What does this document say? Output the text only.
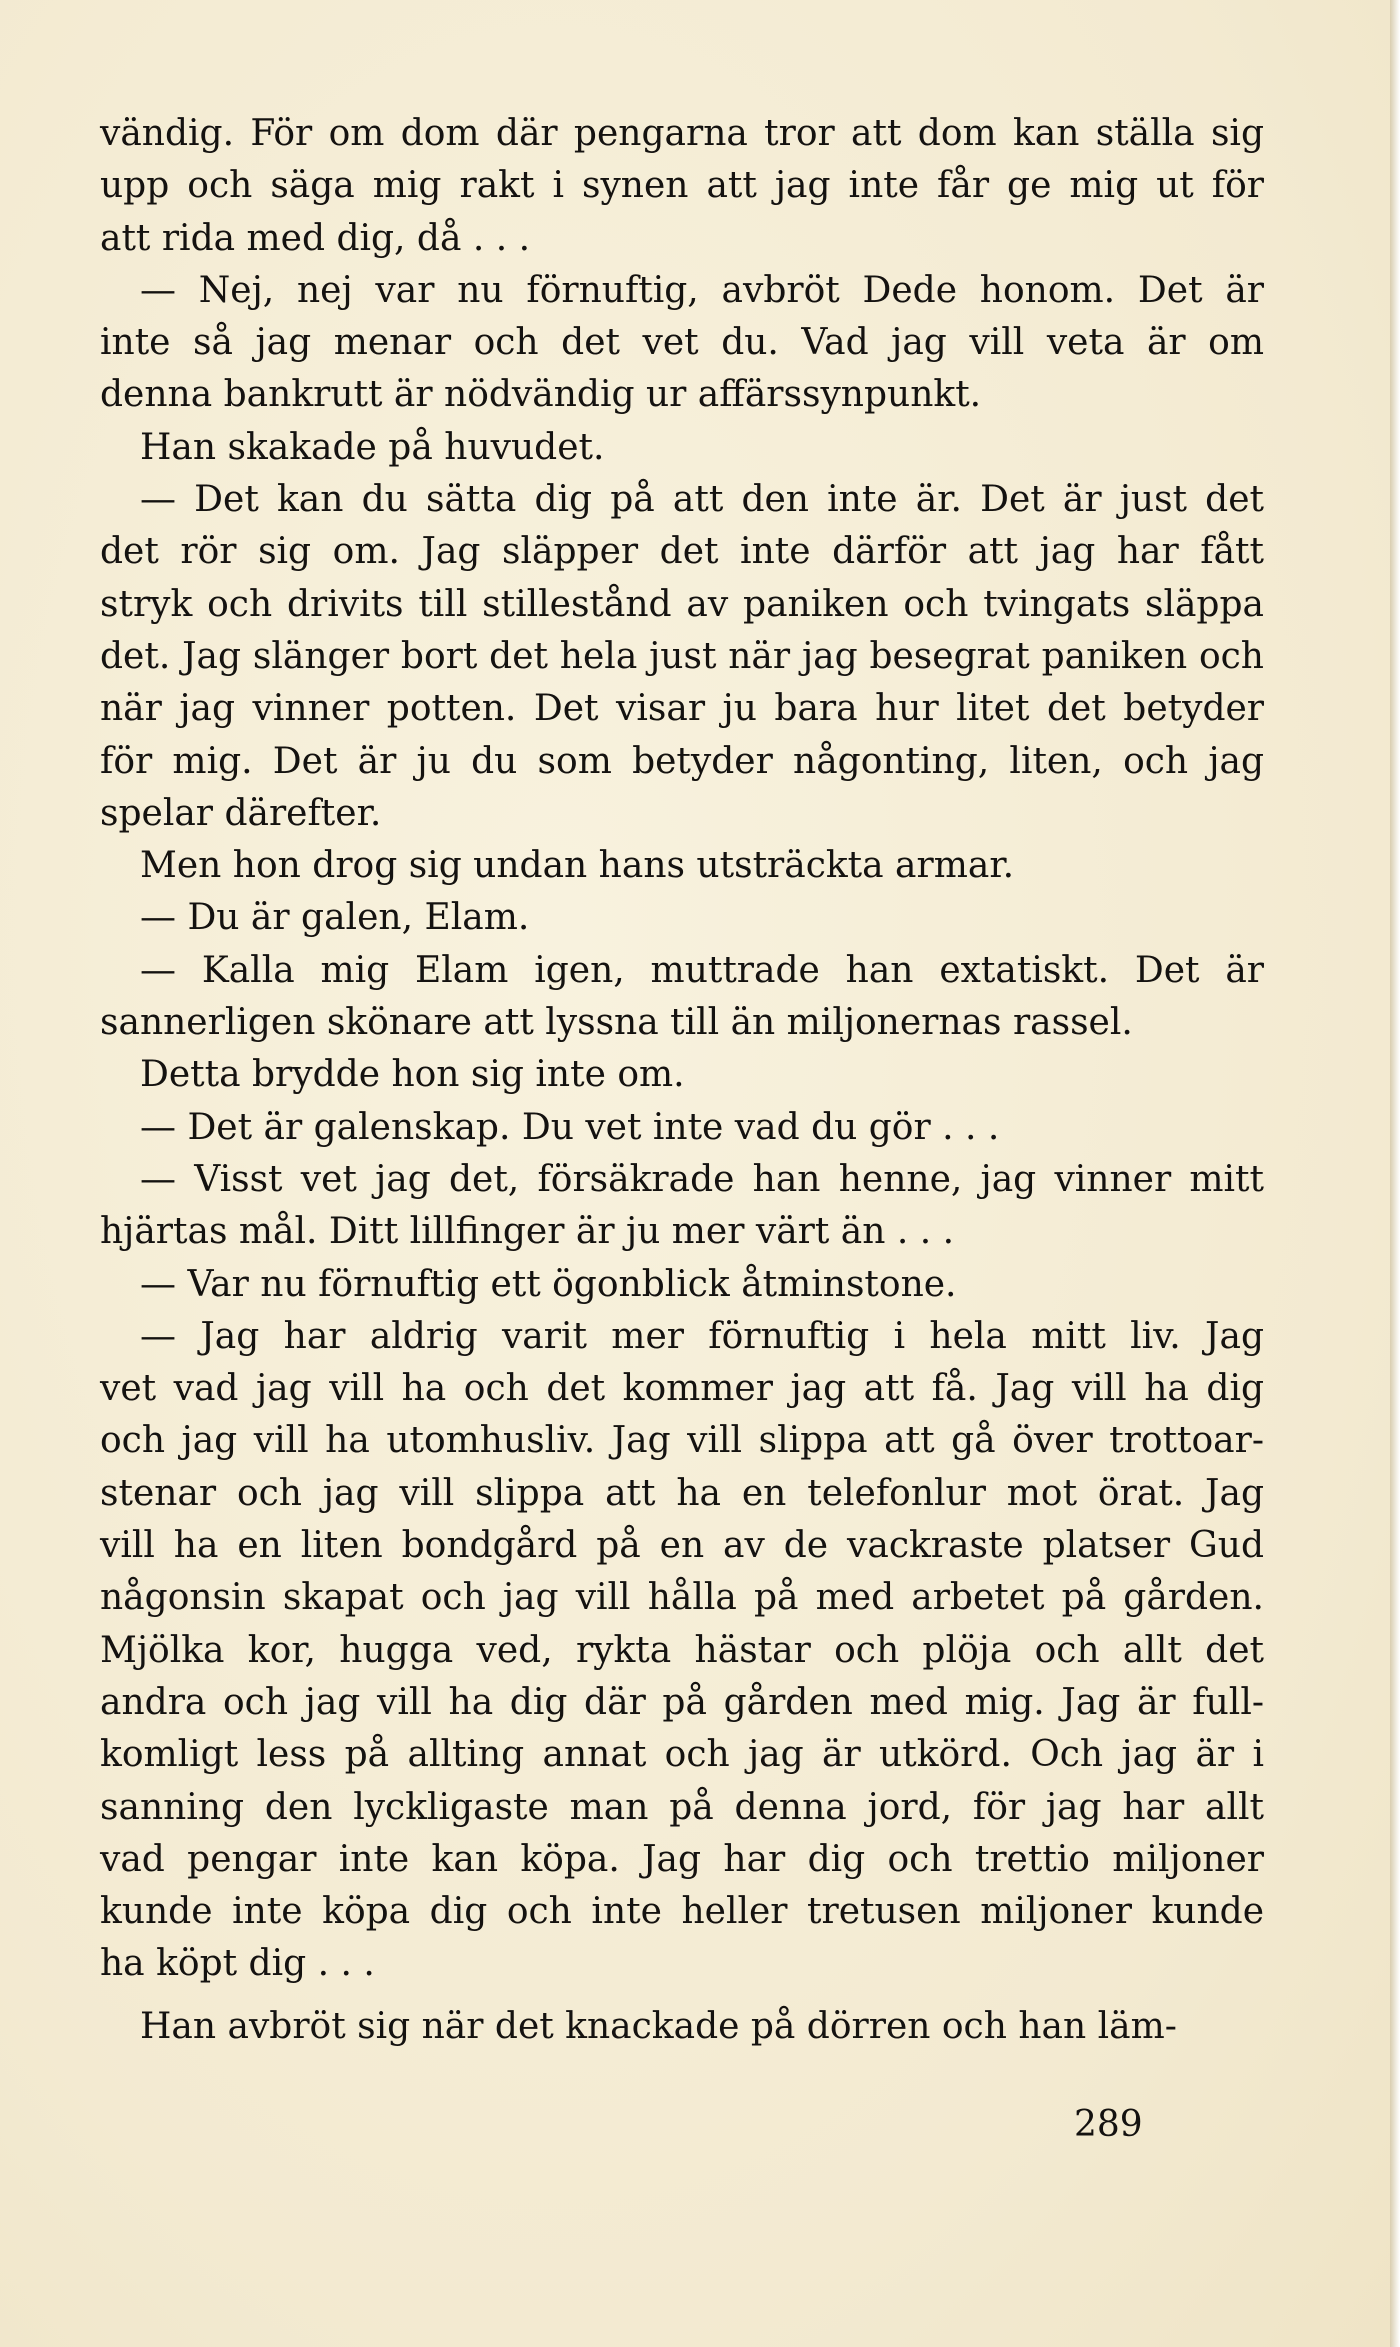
vändig. För om dom där pengarna tror att dom kan ställa sig
upp och säga mig rakt i synen att jag inte får ge mig ut för
att rida med dig, då . . .
— Nej, nej var nu förnuftig, avbröt Dede honom. Det är
inte så jag menar och det vet du. Vad jag vill veta är om
denna bankrutt är nödvändig ur affärssynpunkt.
Han skakade på huvudet.
— Det kan du sätta dig på att den inte är. Det är just det
det rör sig om. Jag släpper det inte därför att jag har fått
stryk och drivits till stillestånd av paniken och tvingats släppa
det. Jag slänger bort det hela just när jag besegrat paniken och
när jag vinner potten. Det visar ju bara hur litet det betyder
för mig. Det är ju du som betyder någonting, liten, och jag
spelar därefter.
Men hon drog sig undan hans utsträckta armar.
— Du är galen, Elam.
— Kalla mig Elam igen, muttrade han extatiskt. Det är
sannerligen skönare att lyssna till än miljonernas rassel.
Detta brydde hon sig inte om.
— Det är galenskap. Du vet inte vad du gör . . .
— Visst vet jag det, försäkrade han henne, jag vinner mitt
hjärtas mål. Ditt lillfinger är ju mer värt än . . .
— Var nu förnuftig ett ögonblick åtminstone.
— Jag har aldrig varit mer förnuftig i hela mitt liv. Jag
vet vad jag vill ha och det kommer jag att få. Jag vill ha dig
och jag vill ha utomhusliv. Jag vill slippa att gå över trottoar-
stenar och jag vill slippa att ha en telefonlur mot örat. Jag
vill ha en liten bondgård på en av de vackraste platser Gud
någonsin skapat och jag vill hålla på med arbetet på gården.
Mjölka kor, hugga ved, rykta hästar och plöja och allt det
andra och jag vill ha dig där på gården med mig. Jag är full-
komligt less på allting annat och jag är utkörd. Och jag är i
sanning den lyckligaste man på denna jord, för jag har allt
vad pengar inte kan köpa. Jag har dig och trettio miljoner
kunde inte köpa dig och inte heller tretusen miljoner kunde
ha köpt dig . . .
Han avbröt sig när det knackade på dörren och han läm-
289
